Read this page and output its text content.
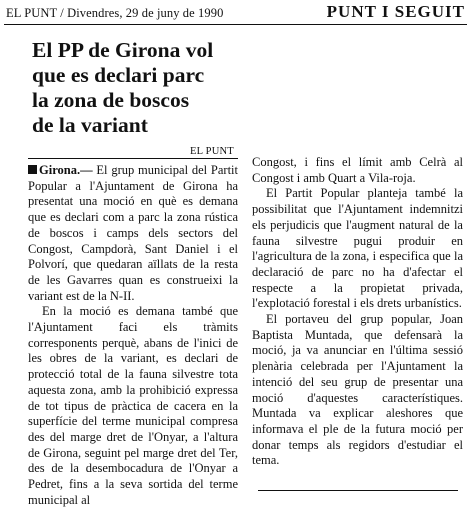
EL PUNT / Divendres, 29 de juny de 1990	PUNT I SEGUIT
El PP de Girona vol
que es declari parc
la zona de boscos
de la variant
EL PUNT

Girona.— El grup municipal del Partit Popular a l'Ajuntament de Girona ha presentat una moció en què es demana que es declari com a parc la zona rústica de boscos i camps dels sectors del Congost, Campdorà, Sant Daniel i el Polvorí, que quedaran aïllats de la resta de les Gavarres quan es construeixi la variant est de la N-II.

En la moció es demana també que l'Ajuntament faci els tràmits corresponents perquè, abans de l'inici de les obres de la variant, es declari de protecció total de la fauna silvestre tota aquesta zona, amb la prohibició expressa de tot tipus de pràctica de cacera en la superfície del terme municipal compresa des del marge dret de l'Onyar, a l'altura de Girona, seguint pel marge dret del Ter, des de la desembocadura de l'Onyar a Pedret, fins a la seva sortida del terme municipal al

Congost, i fins el límit amb Celrà al Congost i amb Quart a Vila-roja.

El Partit Popular planteja també la possibilitat que l'Ajuntament indemnitzi els perjudicis que l'augment natural de la fauna silvestre pugui produir en l'agricultura de la zona, i especifica que la declaració de parc no ha d'afectar el respecte a la propietat privada, l'explotació forestal i els drets urbanístics.

El portaveu del grup popular, Joan Baptista Muntada, que defensarà la moció, ja va anunciar en l'última sessió plenària celebrada per l'Ajuntament la intenció del seu grup de presentar una moció d'aquestes característiques. Muntada va explicar aleshores que informava el ple de la futura moció per donar temps als regidors d'estudiar el tema.
